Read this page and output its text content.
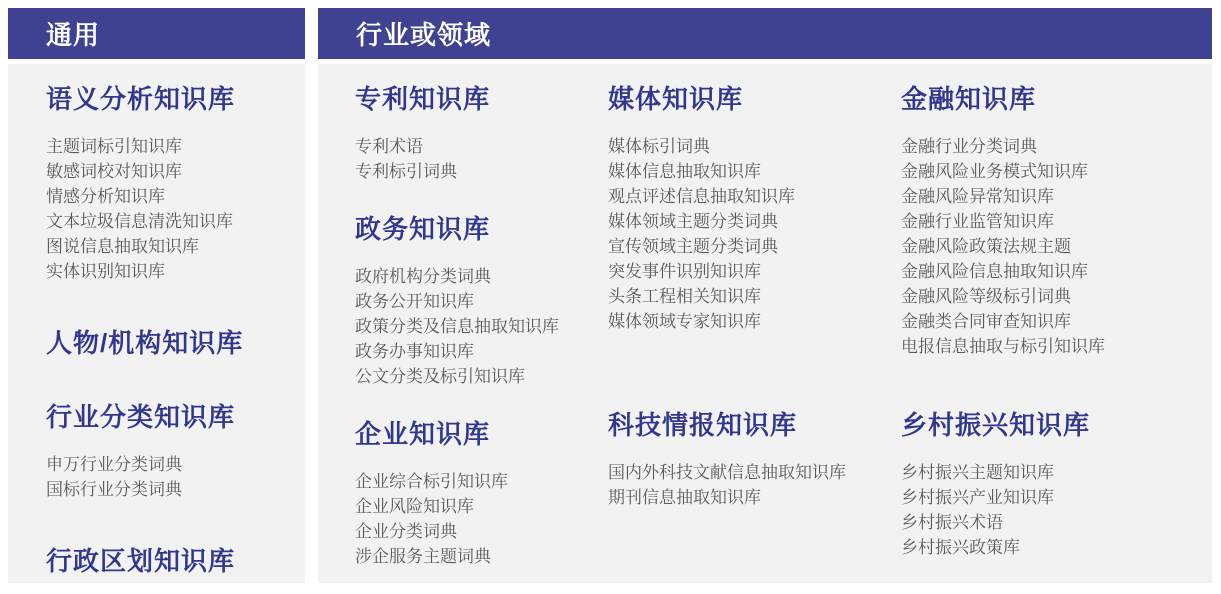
通用
语义分析知识库
主题词标引知识库
敏感词校对知识库
情感分析知识库
文本垃圾信息清洗知识库
图说信息抽取知识库
实体识别知识库
人物/机构知识库
行业分类知识库
申万行业分类词典
国标行业分类词典
行政区划知识库
行业或领域
专利知识库
专利术语
专利标引词典
政务知识库
政府机构分类词典
政务公开知识库
政策分类及信息抽取知识库
政务办事知识库
公文分类及标引知识库
企业知识库
企业综合标引知识库
企业风险知识库
企业分类词典
涉企服务主题词典
媒体知识库
媒体标引词典
媒体信息抽取知识库
观点评述信息抽取知识库
媒体领域主题分类词典
宣传领域主题分类词典
突发事件识别知识库
头条工程相关知识库
媒体领域专家知识库
科技情报知识库
国内外科技文献信息抽取知识库
期刊信息抽取知识库
金融知识库
金融行业分类词典
金融风险业务模式知识库
金融风险异常知识库
金融行业监管知识库
金融风险政策法规主题
金融风险信息抽取知识库
金融风险等级标引词典
金融类合同审查知识库
电报信息抽取与标引知识库
乡村振兴知识库
乡村振兴主题知识库
乡村振兴产业知识库
乡村振兴术语
乡村振兴政策库
